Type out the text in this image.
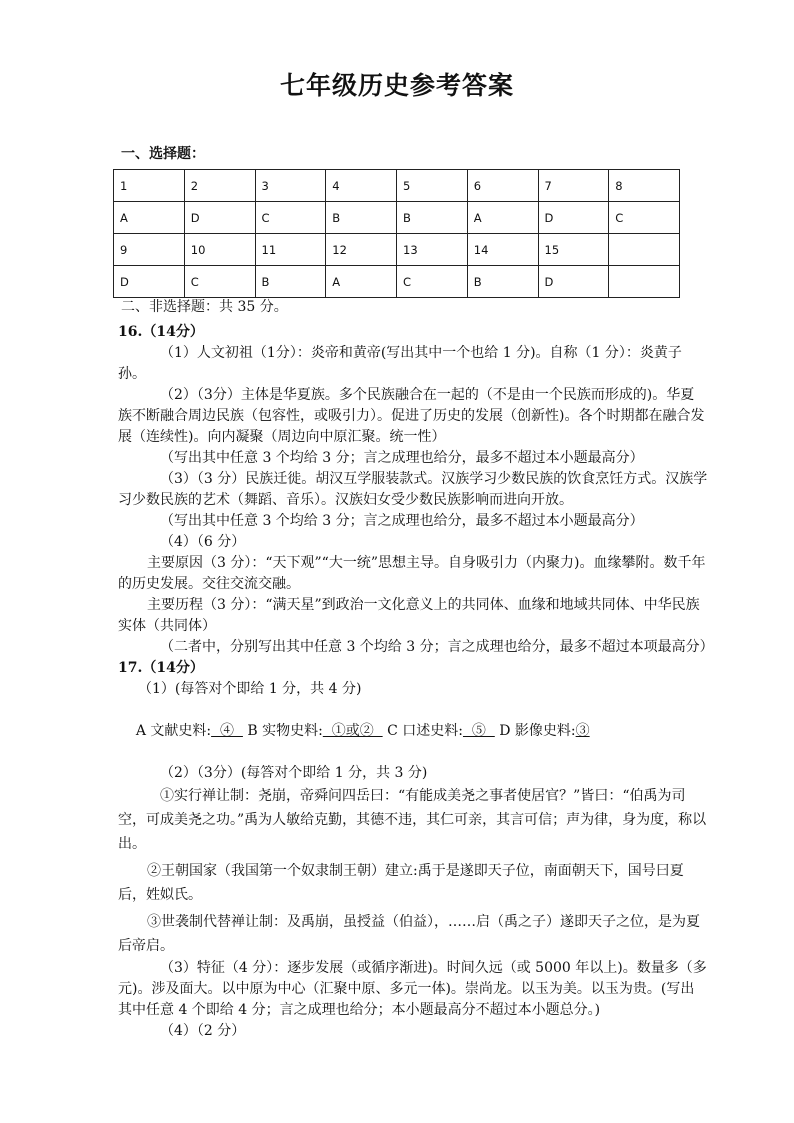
七年级历史参考答案
一、选择题：
1	2	3	4	5	6	7	8
A	D	C	B	B	A	D	C
9	10	11	12	13	14	15	
D	C	B	A	C	B	D	
二、非选择题：共 35 分。

16.（14分）

（1）人文初祖（1分）：炎帝和黄帝(写出其中一个也给 1 分)。自称（1 分）：炎黄子孙。

（2）（3分）主体是华夏族。多个民族融合在一起的（不是由一个民族而形成的)。华夏族不断融合周边民族（包容性，或吸引力）。促进了历史的发展（创新性)。各个时期都在融合发展（连续性)。向内凝聚（周边向中原汇聚。统一性）

（写出其中任意 3 个均给 3 分；言之成理也给分，最多不超过本小题最高分）

（3）（3 分）民族迁徙。胡汉互学服装款式。汉族学习少数民族的饮食烹饪方式。汉族学习少数民族的艺术（舞蹈、音乐）。汉族妇女受少数民族影响而进向开放。

（写出其中任意 3 个均给 3 分；言之成理也给分，最多不超过本小题最高分）

（4）（6 分）

主要原因（3 分）：“天下观”“大一统”思想主导。自身吸引力（内聚力)。血缘攀附。数千年的历史发展。交往交流交融。

主要历程（3 分）：“满天星”到政治一文化意义上的共同体、血缘和地域共同体、中华民族实体（共同体）

（二者中，分别写出其中任意 3 个均给 3 分；言之成理也给分，最多不超过本项最高分）

17.（14分）

（1）(每答对个即给 1 分，共 4 分)

A 文献史料:  ④   B 实物史料:  ①或②   C 口述史料:  ⑤   D 影像史料:③

（2）（3分）(每答对个即给 1 分，共 3 分)

①实行禅让制：尧崩，帝舜问四岳曰：“有能成美尧之事者使居官？”皆曰：“伯禹为司空，可成美尧之功。”禹为人敏给克勤，其德不违，其仁可亲，其言可信；声为律，身为度，称以出。

②王朝国家（我国第一个奴隶制王朝）建立:禹于是遂即天子位，南面朝天下，国号曰夏后，姓姒氏。

③世袭制代替禅让制：及禹崩，虽授益（伯益），……启（禹之子）遂即天子之位，是为夏后帝启。

（3）特征（4 分）：逐步发展（或循序渐进)。时间久远（或 5000 年以上)。数量多（多元)。涉及面大。以中原为中心（汇聚中原、多元一体)。崇尚龙。以玉为美。以玉为贵。(写出其中任意 4 个即给 4 分；言之成理也给分；本小题最高分不超过本小题总分。)

（4）（2 分）
